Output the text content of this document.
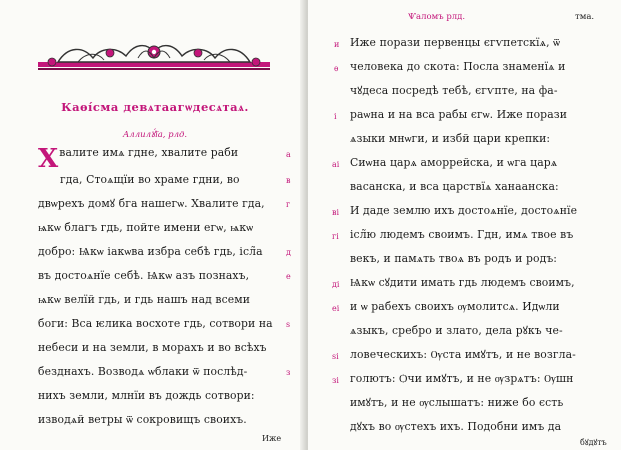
Каѳі́смa девѧтаагѡдесѧтаѧ.
Аллилꙋ́їа, рлд.
Хвалите имѧ гдне, хвалите раби
гда, Стоѧщїи во храме гдни, во
двѡрехъ домꙋ бга нашегѡ. Хвалите гда,
ѩкѡ благъ гдь, пойте имени егѡ, ѩкѡ
добро: Ѩкѡ іакѡва избра себѣ гдь, ісл̃а
въ достоѧнїе себѣ. Ѩкѡ азъ познахъ,
ѩкѡ велїй гдь, и гдь нашъ над всеми
боги: Вса ѥлика восхоте гдь, сотвори на
небеси и на земли, в морахъ и во всѣхъ
безднахъ. Возводѧ ѡблаки ѿ послѣд-
нихъ земли, млнїи въ дождь сотвори:
изводѧй ветры ѿ сокровищъ своихъ.
а
в
г
д
е
ѕ
з
Иже
Ѱаломъ рлд.	тма.
Иже порази первенцы єгѵпетскїѧ, ѿ
человека до скота: Посла знаменїѧ и
чꙋдеса посредѣ тебѣ, єгѵпте, на фа-
раѡна и на вса рабы єгѡ. Иже порази
ѧзыки мнѡги, и избй цари крепки:
Сиѡна царѧ аморрейска, и ѡга царѧ
васанска, и вса царствїѧ ханаанска:
И даде землю ихъ достоѧнїе, достоѧнїе
ісл̃ю людемъ своимъ. Гдн, имѧ твое въ
векъ, и памѧть твоѧ въ родъ и родъ:
Ѩкѡ сꙋдити имать гдь людемъ своимъ,
и ѡ рабехъ своихъ ѹмолитсѧ. Идѡли
ѧзыкъ, сребро и злато, дела рꙋкъ че-
ловеческихъ: Ѹста имꙋтъ, и не возгла-
голютъ: Ѻчи имꙋтъ, и не ѹзрѧтъ: Ѹшн
имꙋтъ, и не ѹслышатъ: ниже бо єсть
дꙋхъ во ѹстехъ ихъ. Подобни имъ да
и
ѳ
і
аі
ві
гі
ді
еі
ѕі
зі
бꙋдꙋтъ
